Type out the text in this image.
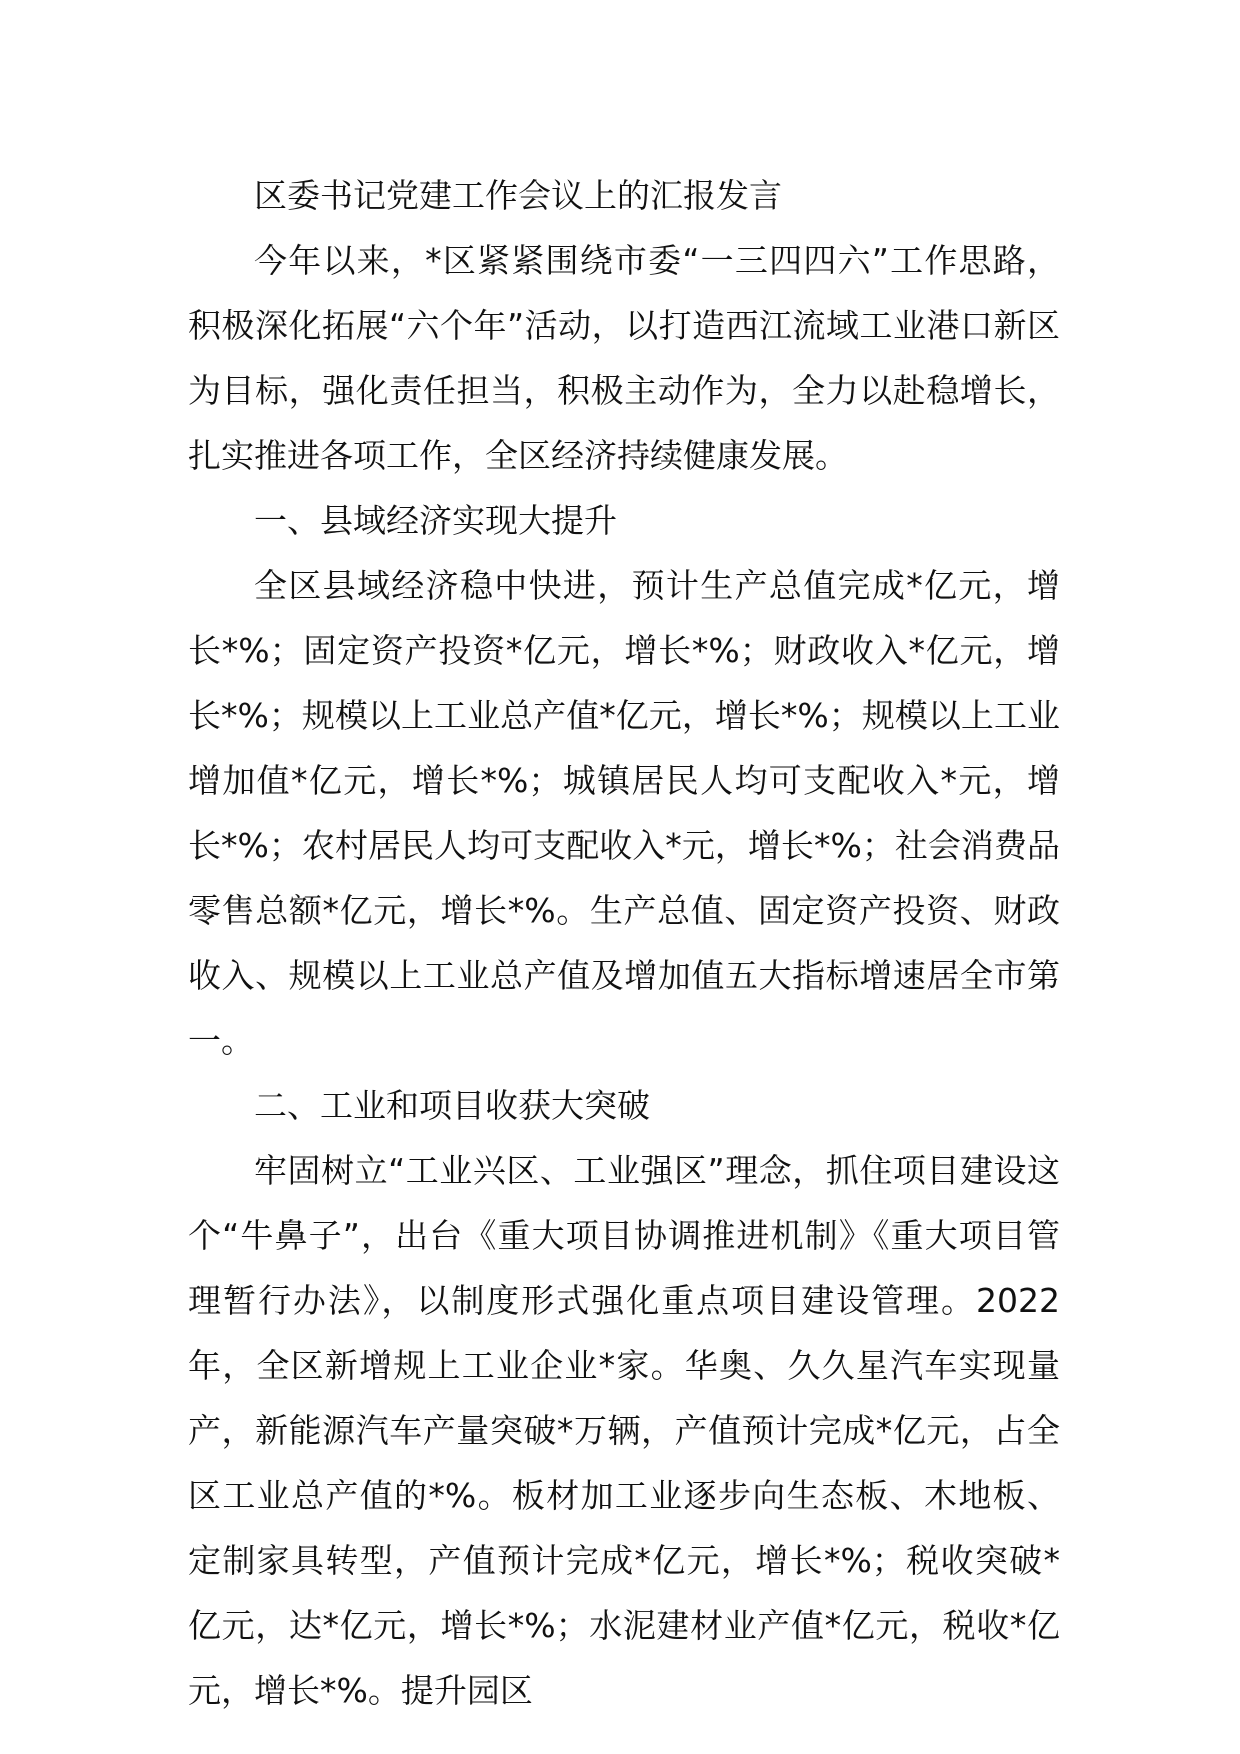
区委书记党建工作会议上的汇报发言

今年以来，*区紧紧围绕市委“一三四四六”工作思路，积极深化拓展“六个年”活动，以打造西江流域工业港口新区为目标，强化责任担当，积极主动作为，全力以赴稳增长，扎实推进各项工作，全区经济持续健康发展。

一、县域经济实现大提升

全区县域经济稳中快进，预计生产总值完成*亿元，增长*%；固定资产投资*亿元，增长*%；财政收入*亿元，增长*%；规模以上工业总产值*亿元，增长*%；规模以上工业增加值*亿元，增长*%；城镇居民人均可支配收入*元，增长*%；农村居民人均可支配收入*元，增长*%；社会消费品零售总额*亿元，增长*%。生产总值、固定资产投资、财政收入、规模以上工业总产值及增加值五大指标增速居全市第一。

二、工业和项目收获大突破

牢固树立“工业兴区、工业强区”理念，抓住项目建设这个“牛鼻子”，出台《重大项目协调推进机制》《重大项目管理暂行办法》，以制度形式强化重点项目建设管理。2022年，全区新增规上工业企业*家。华奥、久久星汽车实现量产，新能源汽车产量突破*万辆，产值预计完成*亿元，占全区工业总产值的*%。板材加工业逐步向生态板、木地板、定制家具转型，产值预计完成*亿元，增长*%；税收突破*亿元，达*亿元，增长*%；水泥建材业产值*亿元，税收*亿元，增长*%。提升园区
